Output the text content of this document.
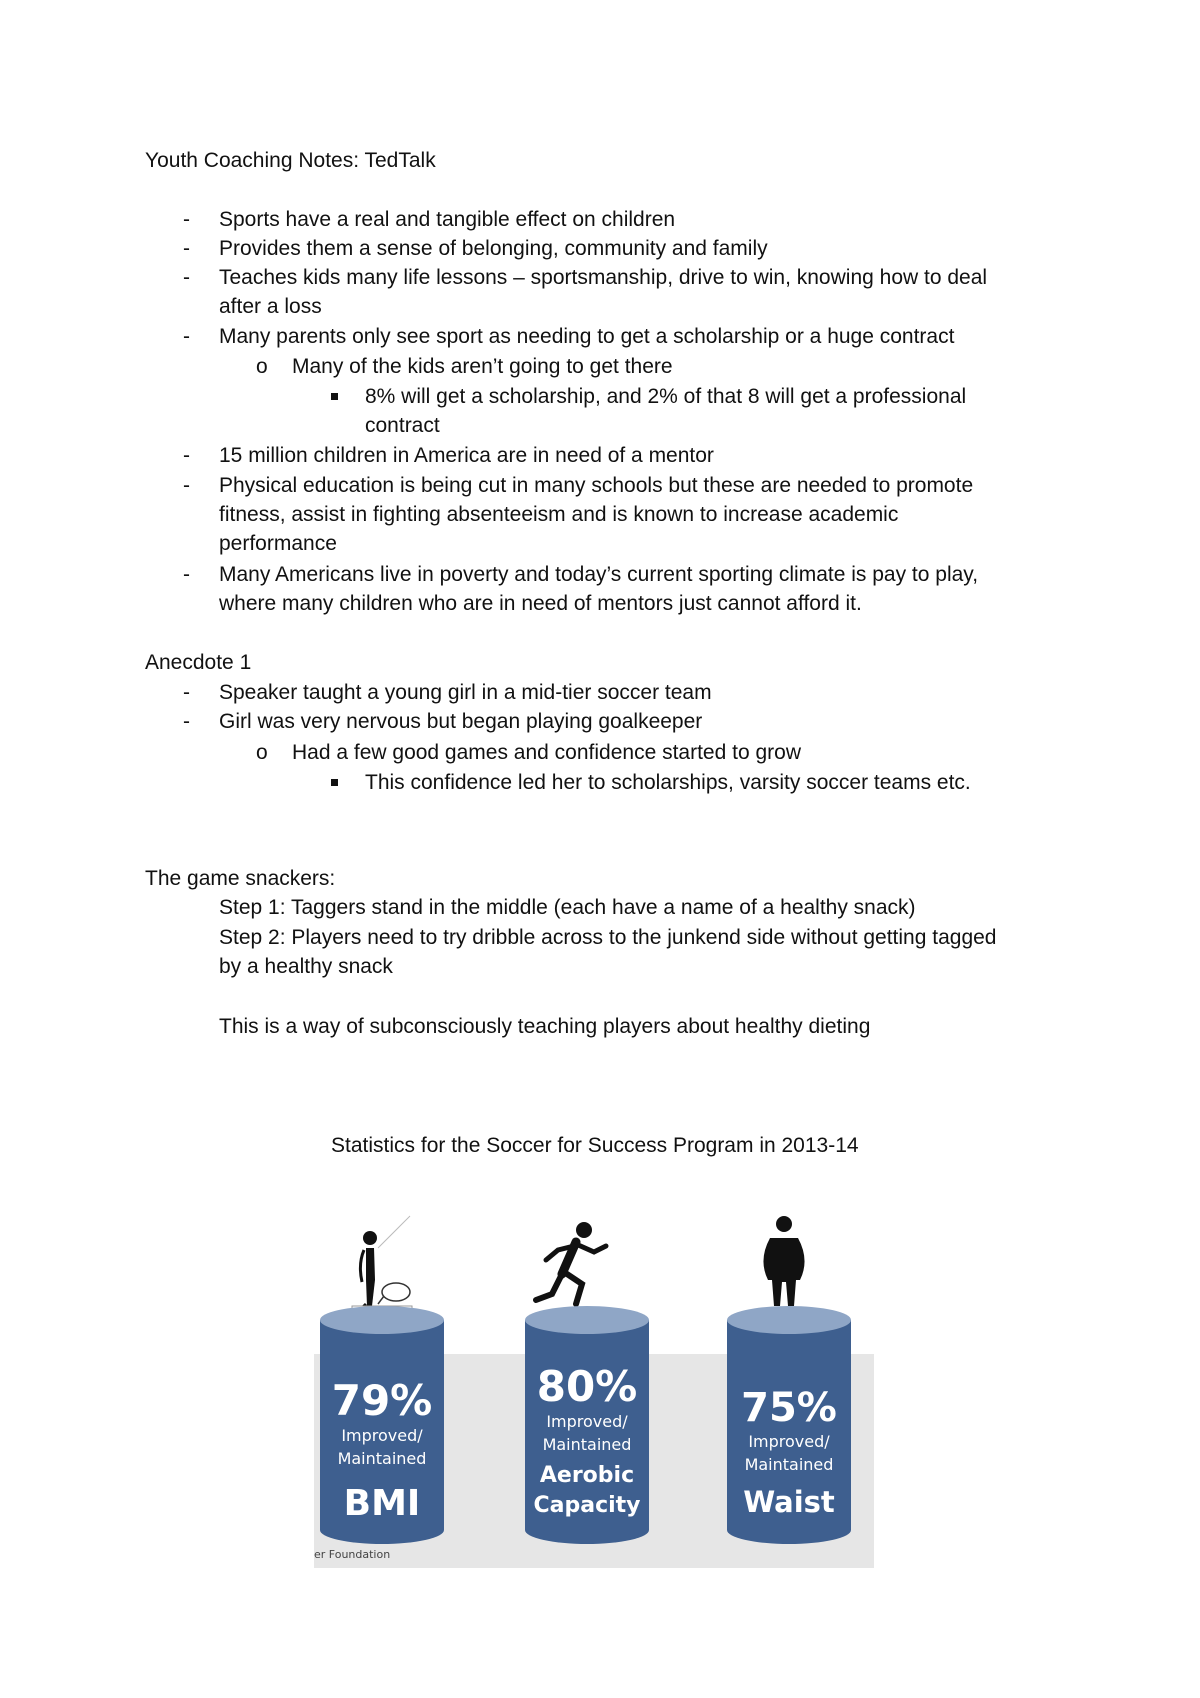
Youth Coaching Notes: TedTalk
- Sports have a real and tangible effect on children
- Provides them a sense of belonging, community and family
- Teaches kids many life lessons – sportsmanship, drive to win, knowing how to deal
after a loss
- Many parents only see sport as needing to get a scholarship or a huge contract
o Many of the kids aren’t going to get there
8% will get a scholarship, and 2% of that 8 will get a professional
contract
- 15 million children in America are in need of a mentor
- Physical education is being cut in many schools but these are needed to promote
fitness, assist in fighting absenteeism and is known to increase academic
performance
- Many Americans live in poverty and today’s current sporting climate is pay to play,
where many children who are in need of mentors just cannot afford it.
Anecdote 1
- Speaker taught a young girl in a mid-tier soccer team
- Girl was very nervous but began playing goalkeeper
o Had a few good games and confidence started to grow
This confidence led her to scholarships, varsity soccer teams etc.
The game snackers:
Step 1: Taggers stand in the middle (each have a name of a healthy snack)
Step 2: Players need to try dribble across to the junkend side without getting tagged
by a healthy snack
This is a way of subconsciously teaching players about healthy dieting
Statistics for the Soccer for Success Program in 2013-14
79%
Improved/
Maintained
BMI
er Foundation
80%
Improved/
Maintained
Aerobic
Capacity
75%
Improved/
Maintained
Waist
